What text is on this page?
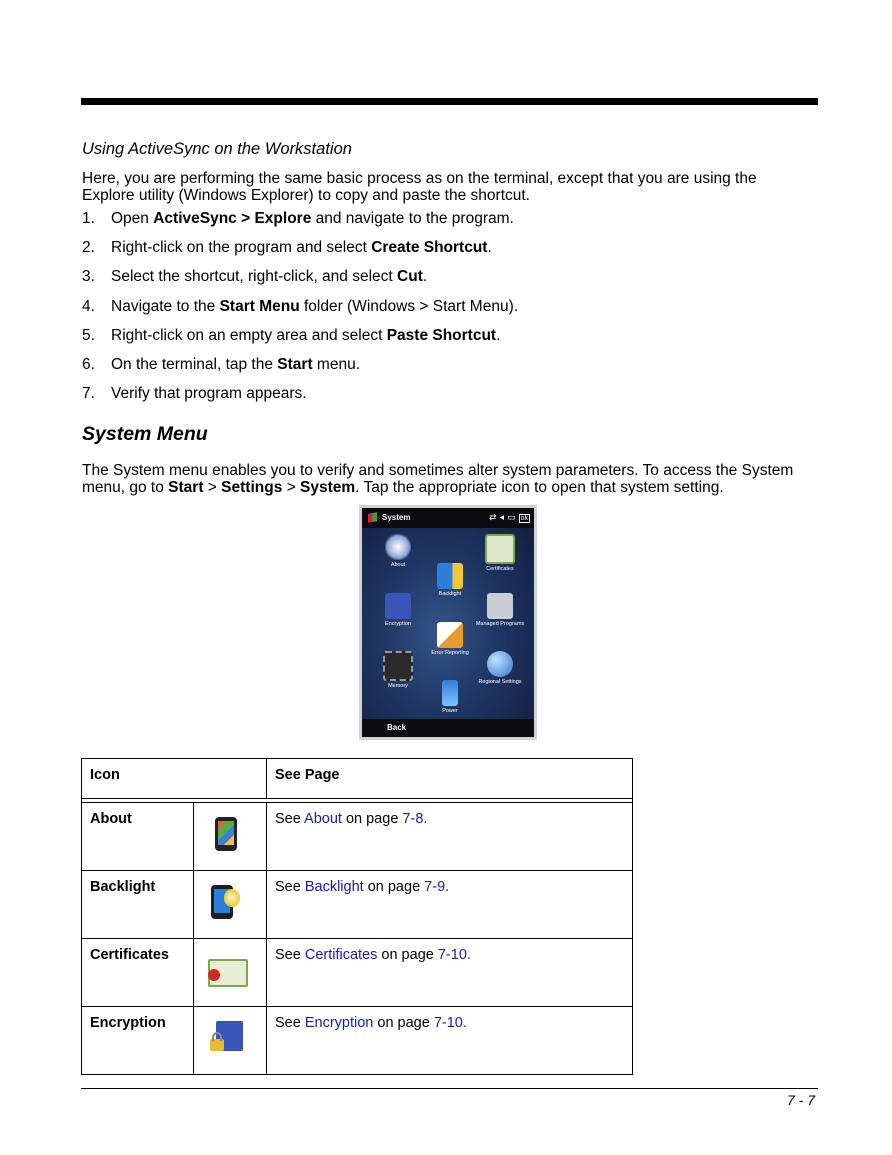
Using ActiveSync on the Workstation

Here, you are performing the same basic process as on the terminal, except that you are using the Explore utility (Windows Explorer) to copy and paste the shortcut.

1. Open ActiveSync > Explore and navigate to the program.
2. Right-click on the program and select Create Shortcut.
3. Select the shortcut, right-click, and select Cut.
4. Navigate to the Start Menu folder (Windows > Start Menu).
5. Right-click on an empty area and select Paste Shortcut.
6. On the terminal, tap the Start menu.
7. Verify that program appears.
System Menu

The System menu enables you to verify and sometimes alter system parameters. To access the System menu, go to Start > Settings > System. Tap the appropriate icon to open that system setting.

System	⇄◂▭ ok
About
Certificates
Backlight
Encryption	Managed Programs
Error Reporting
Memory
Regional Settings
Power
Back
Icon		See Page

About		See About on page 7-8.
Backlight		See Backlight on page 7-9.
Certificates		See Certificates on page 7-10.
Encryption		See Encryption on page 7-10.
7 - 7
